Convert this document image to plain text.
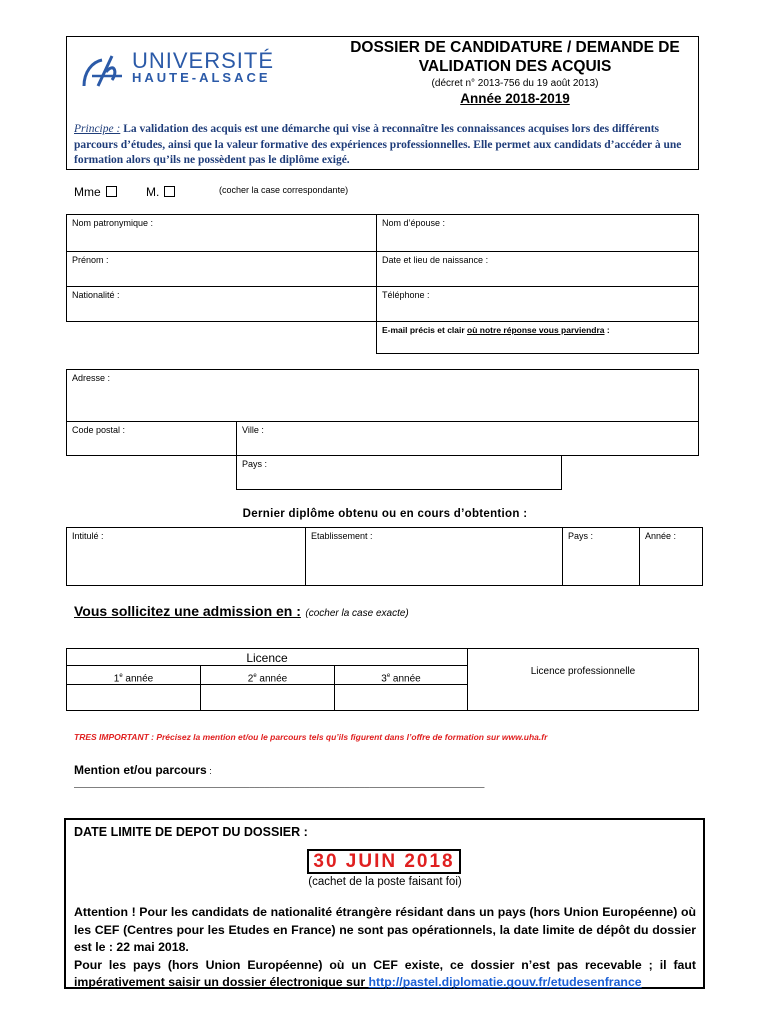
UNIVERSITÉ
HAUTE-ALSACE
DOSSIER DE CANDIDATURE / DEMANDE DE VALIDATION DES ACQUIS
(décret n° 2013-756 du 19 août 2013)
Année 2018-2019
Principe : La validation des acquis est une démarche qui vise à reconnaître les connaissances acquises lors des différents parcours d’études, ainsi que la valeur formative des expériences professionnelles. Elle permet aux candidats d’accéder à une formation alors qu’ils ne possèdent pas le diplôme exigé.
Mme	M.	(cocher la case correspondante)
Nom patronymique :	Nom d’épouse :
Prénom :	Date et lieu de naissance :
Nationalité :	Téléphone :
E-mail précis et clair où notre réponse vous parviendra :
Adresse :
Code postal :	Ville :
Pays :
Dernier diplôme obtenu ou en cours d’obtention :
Intitulé :	Etablissement :	Pays :	Année :
Vous sollicitez une admission en : (cocher la case exacte)
Licence
Licence professionnelle
1e année	2e année	3e année
TRES IMPORTANT : Précisez la mention et/ou le parcours tels qu’ils figurent dans l’offre de formation sur www.uha.fr
Mention et/ou parcours :
__________________________________________________________________________________
DATE LIMITE DE DEPOT DU DOSSIER :
30 JUIN 2018
(cachet de la poste faisant foi)
Attention ! Pour les candidats de nationalité étrangère résidant dans un pays (hors Union Européenne) où les CEF (Centres pour les Etudes en France) ne sont pas opérationnels, la date limite de dépôt du dossier est le : 22 mai 2018.
Pour les pays (hors Union Européenne) où un CEF existe, ce dossier n’est pas recevable ; il faut impérativement saisir un dossier électronique sur http://pastel.diplomatie.gouv.fr/etudesenfrance
